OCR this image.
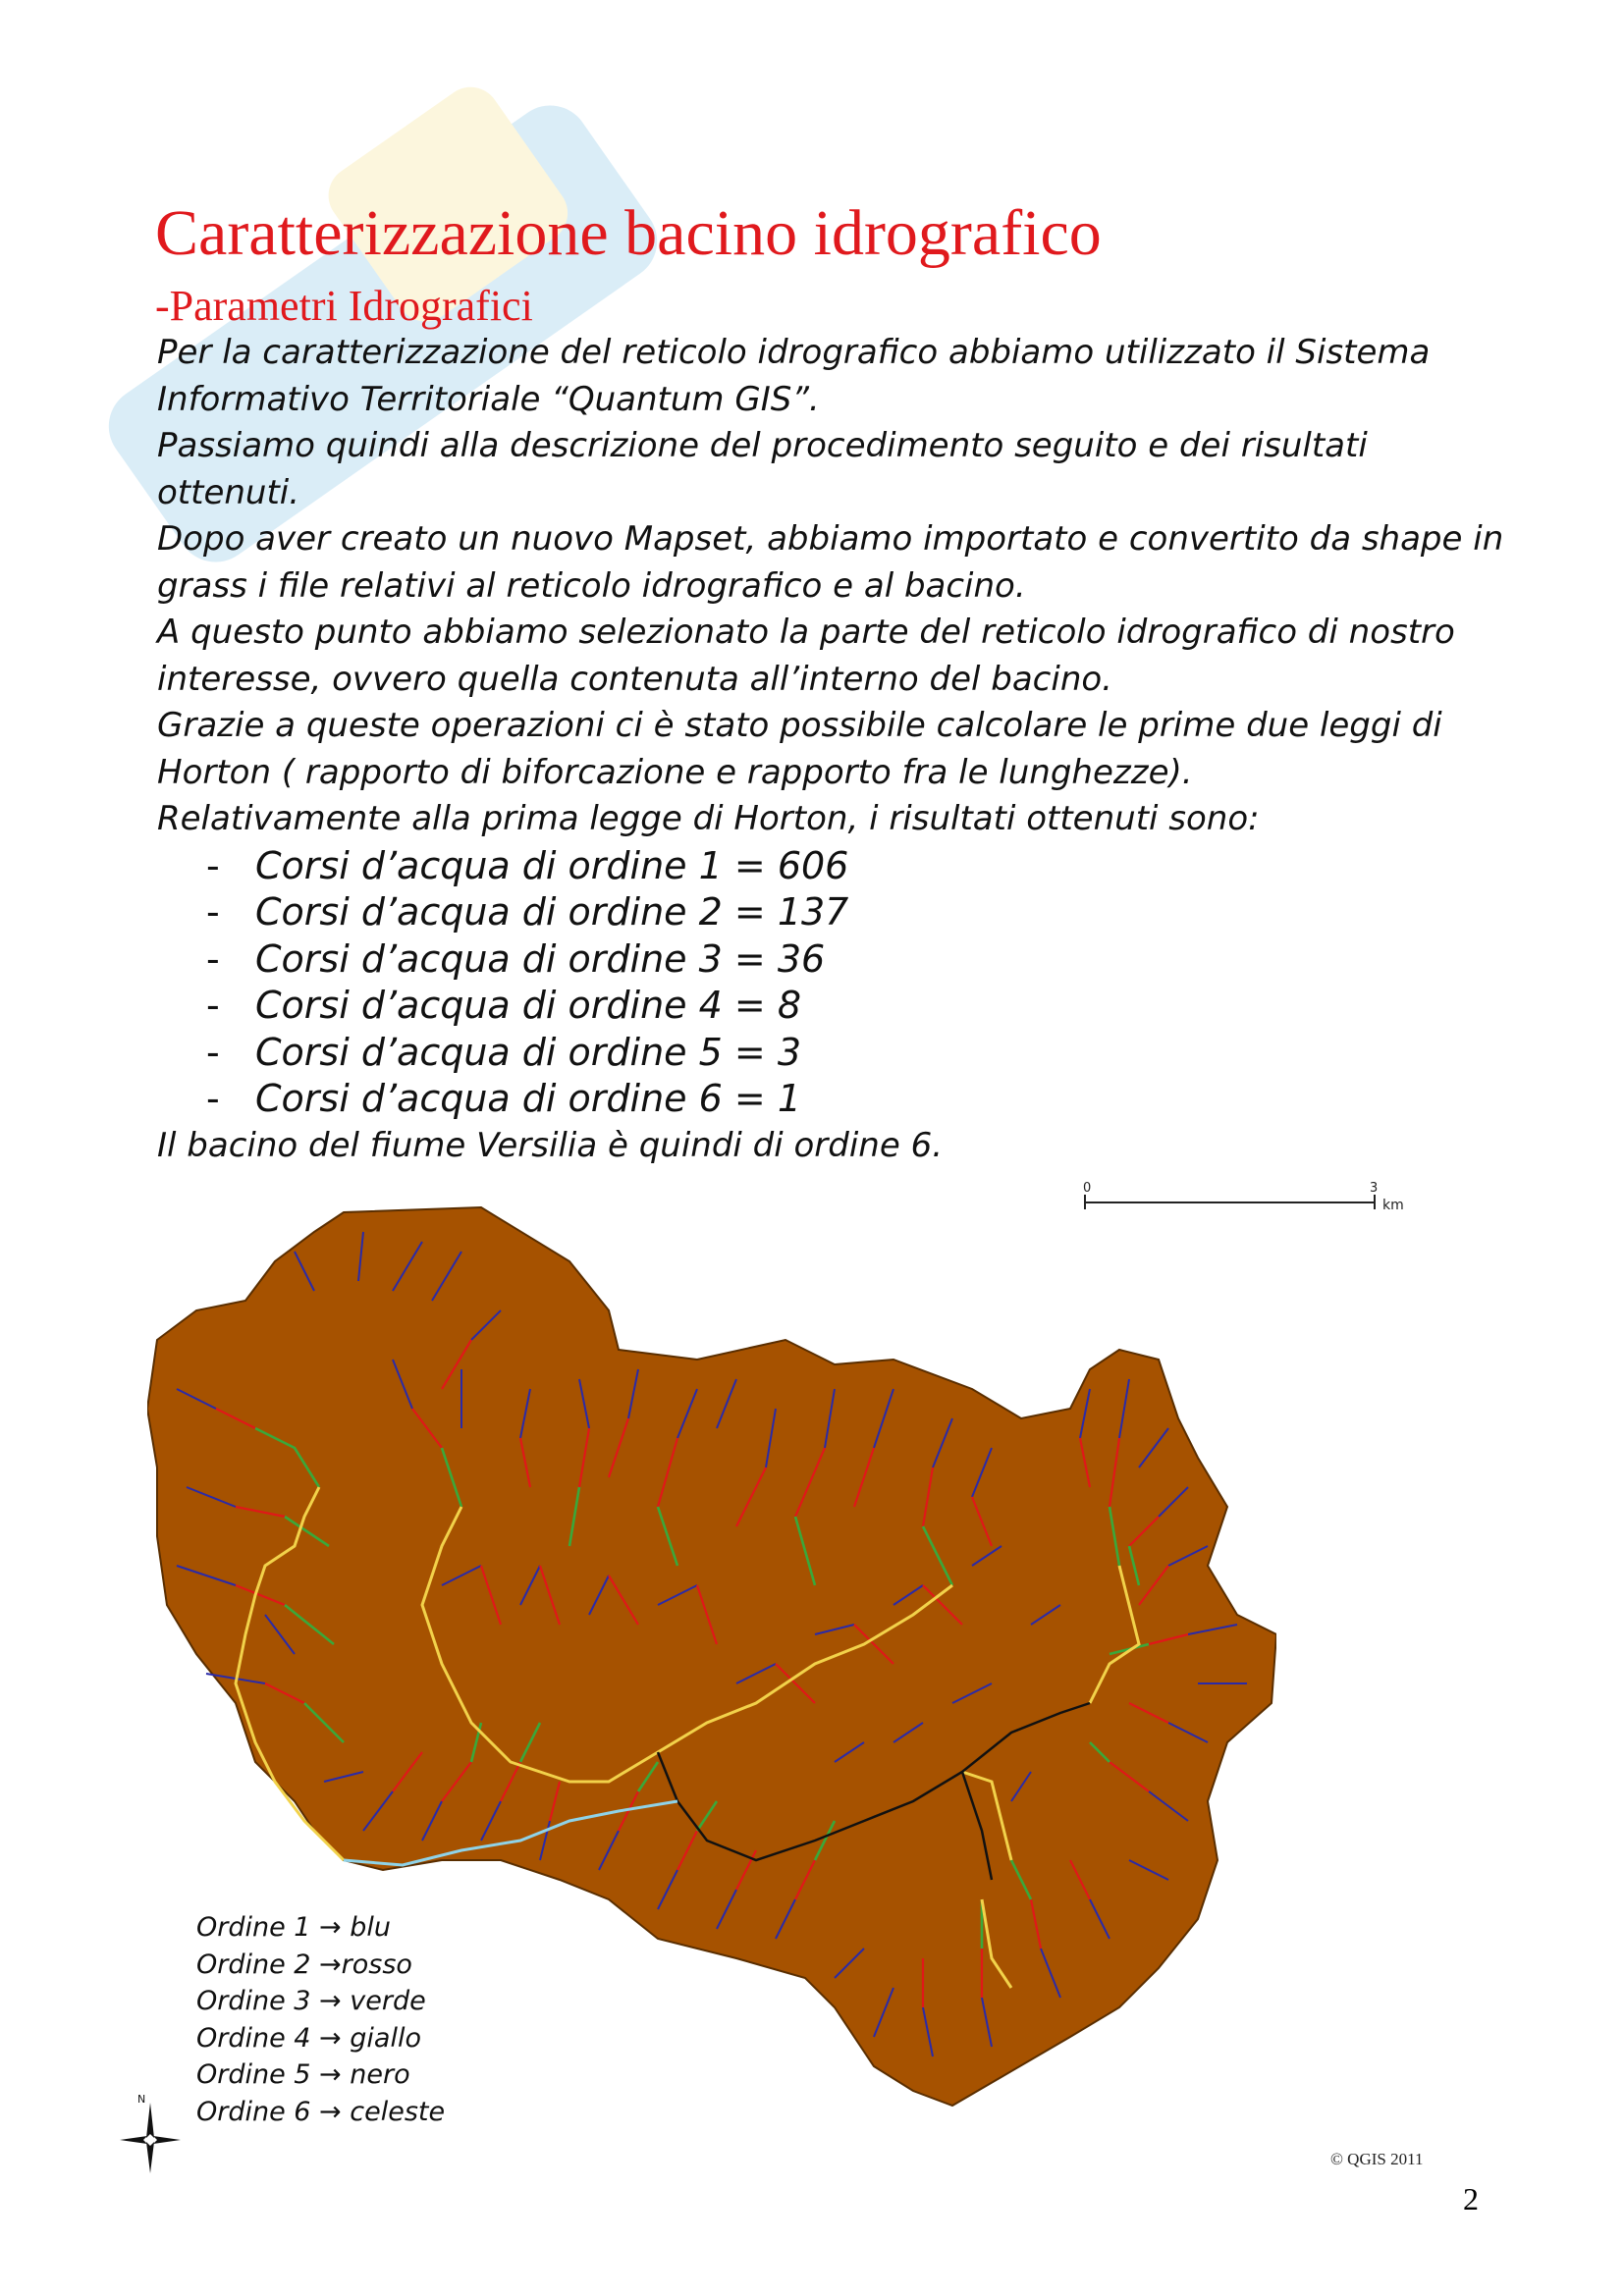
Caratterizzazione bacino idrografico
-Parametri Idrografici

Per la caratterizzazione del reticolo idrografico abbiamo utilizzato il Sistema Informativo Territoriale “Quantum GIS”.

Passiamo quindi alla descrizione del procedimento seguito e dei risultati ottenuti.

Dopo aver creato un nuovo Mapset, abbiamo importato e convertito da shape in grass i file relativi al reticolo idrografico e al bacino.

A questo punto abbiamo selezionato la parte del reticolo idrografico di nostro interesse, ovvero quella contenuta all’interno del bacino.

Grazie a queste operazioni ci è stato possibile calcolare le prime due leggi di Horton ( rapporto di biforcazione e rapporto fra le lunghezze).

Relativamente alla prima legge di Horton, i risultati ottenuti sono:

- Corsi d’acqua di ordine 1 = 606
- Corsi d’acqua di ordine 2 = 137
- Corsi d’acqua di ordine 3 = 36
- Corsi d’acqua di ordine 4 = 8
- Corsi d’acqua di ordine 5 = 3
- Corsi d’acqua di ordine 6 = 1

Il bacino del fiume Versilia è quindi di ordine 6.

0	3
km
Ordine 1 → blu
Ordine 2 →rosso
Ordine 3 → verde
Ordine 4 → giallo
Ordine 5 → nero
Ordine 6 → celeste
N
© QGIS 2011
2
